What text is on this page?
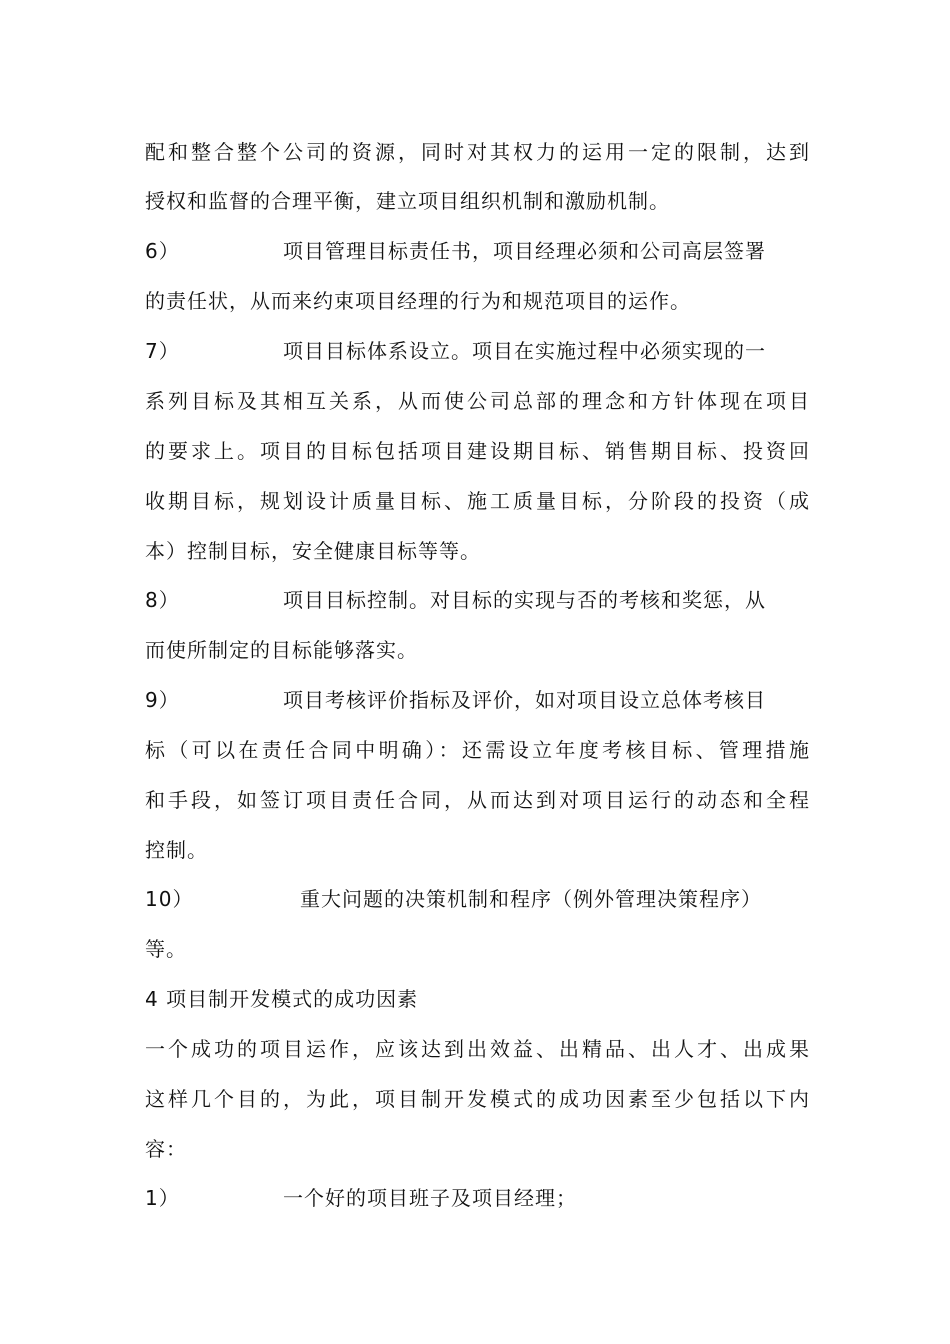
配和整合整个公司的资源，同时对其权力的运用一定的限制，达到
授权和监督的合理平衡，建立项目组织机制和激励机制。
6）	项目管理目标责任书，项目经理必须和公司高层签署
的责任状，从而来约束项目经理的行为和规范项目的运作。
7）	项目目标体系设立。项目在实施过程中必须实现的一
系列目标及其相互关系，从而使公司总部的理念和方针体现在项目
的要求上。项目的目标包括项目建设期目标、销售期目标、投资回
收期目标，规划设计质量目标、施工质量目标，分阶段的投资（成
本）控制目标，安全健康目标等等。
8）	项目目标控制。对目标的实现与否的考核和奖惩，从
而使所制定的目标能够落实。
9）	项目考核评价指标及评价，如对项目设立总体考核目
标（可以在责任合同中明确）：还需设立年度考核目标、管理措施
和手段，如签订项目责任合同，从而达到对项目运行的动态和全程
控制。
10）	重大问题的决策机制和程序（例外管理决策程序）
等。
4 项目制开发模式的成功因素
一个成功的项目运作，应该达到出效益、出精品、出人才、出成果
这样几个目的，为此，项目制开发模式的成功因素至少包括以下内
容：
1）	一个好的项目班子及项目经理；
